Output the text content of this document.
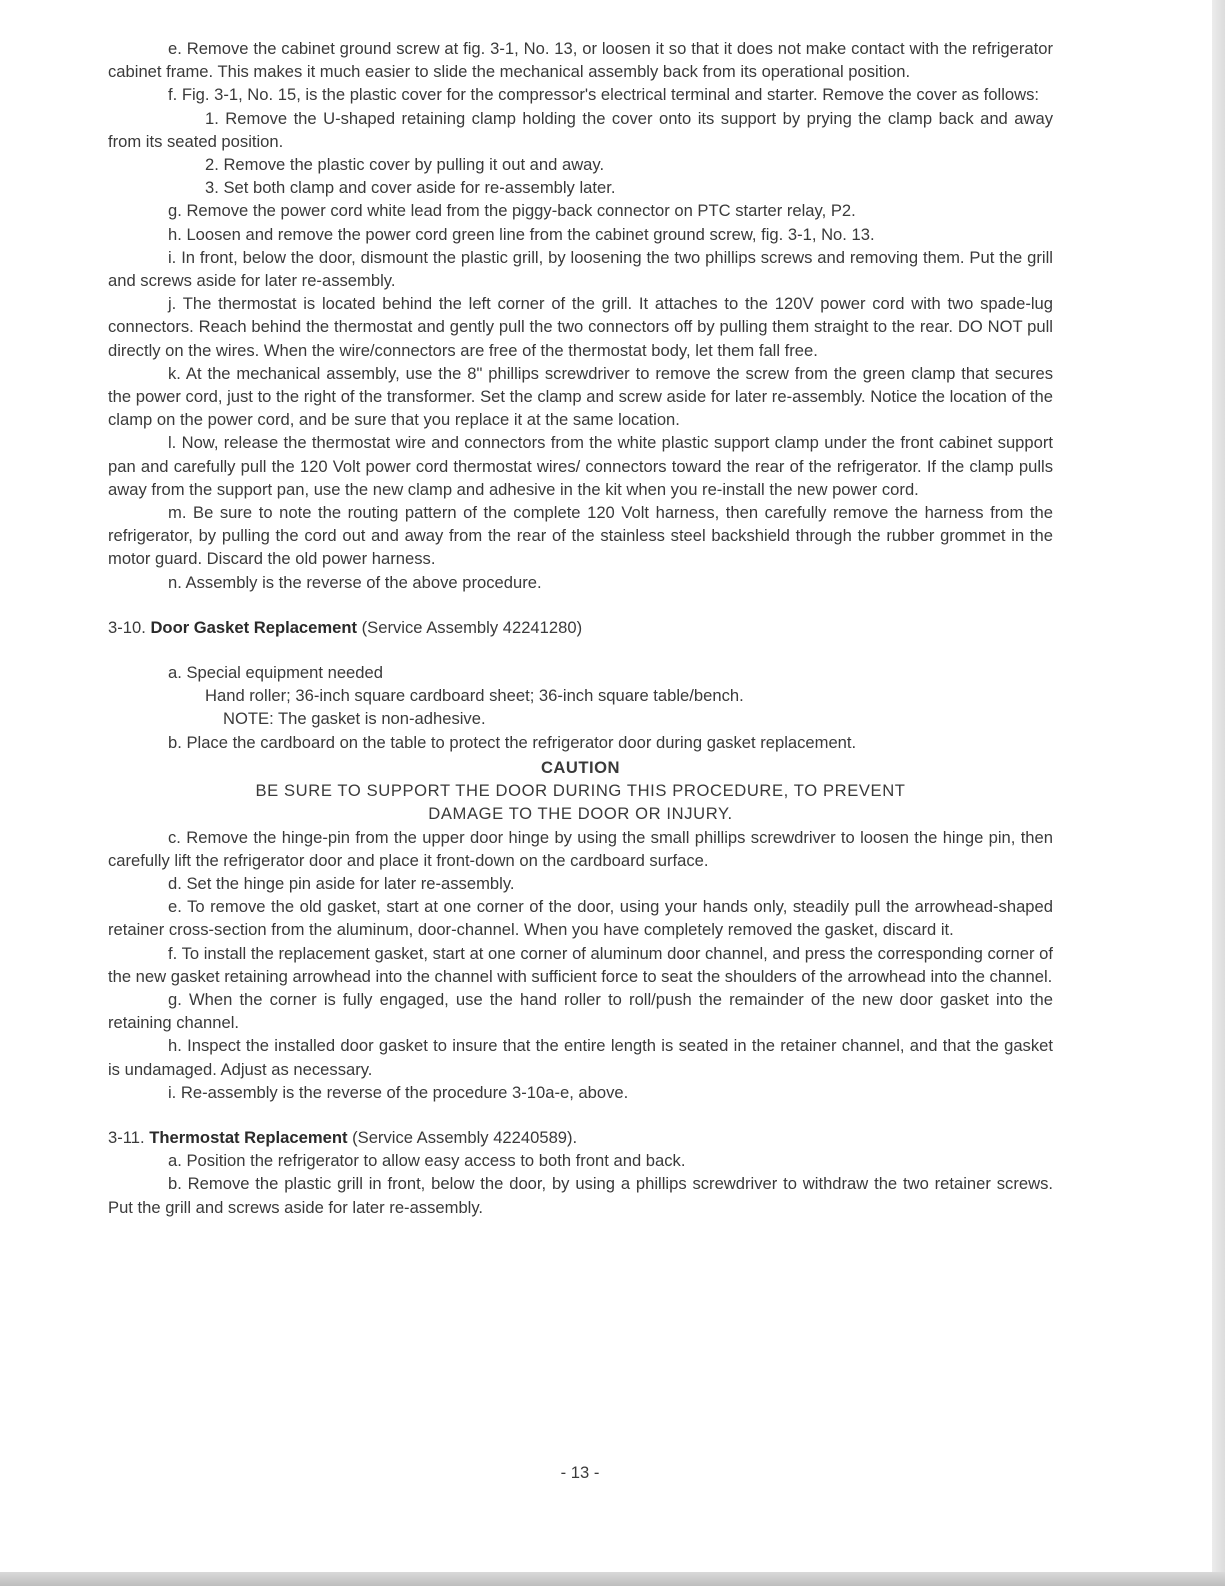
e. Remove the cabinet ground screw at fig. 3-1, No. 13, or loosen it so that it does not make contact with the refrigerator cabinet frame. This makes it much easier to slide the mechanical assembly back from its operational position.

f. Fig. 3-1, No. 15, is the plastic cover for the compressor's electrical terminal and starter. Remove the cover as follows:

1. Remove the U-shaped retaining clamp holding the cover onto its support by prying the clamp back and away from its seated position.

2. Remove the plastic cover by pulling it out and away.

3. Set both clamp and cover aside for re-assembly later.

g. Remove the power cord white lead from the piggy-back connector on PTC starter relay, P2.

h. Loosen and remove the power cord green line from the cabinet ground screw, fig. 3-1, No. 13.

i. In front, below the door, dismount the plastic grill, by loosening the two phillips screws and removing them. Put the grill and screws aside for later re-assembly.

j. The thermostat is located behind the left corner of the grill. It attaches to the 120V power cord with two spade-lug connectors. Reach behind the thermostat and gently pull the two connectors off by pulling them straight to the rear. DO NOT pull directly on the wires. When the wire/connectors are free of the thermostat body, let them fall free.

k. At the mechanical assembly, use the 8" phillips screwdriver to remove the screw from the green clamp that secures the power cord, just to the right of the transformer. Set the clamp and screw aside for later re-assembly. Notice the location of the clamp on the power cord, and be sure that you replace it at the same location.

l. Now, release the thermostat wire and connectors from the white plastic support clamp under the front cabinet support pan and carefully pull the 120 Volt power cord thermostat wires/ connectors toward the rear of the refrigerator. If the clamp pulls away from the support pan, use the new clamp and adhesive in the kit when you re-install the new power cord.

m. Be sure to note the routing pattern of the complete 120 Volt harness, then carefully remove the harness from the refrigerator, by pulling the cord out and away from the rear of the stainless steel backshield through the rubber grommet in the motor guard. Discard the old power harness.

n. Assembly is the reverse of the above procedure.

3-10. Door Gasket Replacement (Service Assembly 42241280)

a. Special equipment needed

Hand roller; 36-inch square cardboard sheet; 36-inch square table/bench.

NOTE: The gasket is non-adhesive.

b. Place the cardboard on the table to protect the refrigerator door during gasket replacement.

CAUTION

BE SURE TO SUPPORT THE DOOR DURING THIS PROCEDURE, TO PREVENT

DAMAGE TO THE DOOR OR INJURY.

c. Remove the hinge-pin from the upper door hinge by using the small phillips screwdriver to loosen the hinge pin, then carefully lift the refrigerator door and place it front-down on the cardboard surface.

d. Set the hinge pin aside for later re-assembly.

e. To remove the old gasket, start at one corner of the door, using your hands only, steadily pull the arrowhead-shaped retainer cross-section from the aluminum, door-channel. When you have completely removed the gasket, discard it.

f. To install the replacement gasket, start at one corner of aluminum door channel, and press the corresponding corner of the new gasket retaining arrowhead into the channel with sufficient force to seat the shoulders of the arrowhead into the channel.

g. When the corner is fully engaged, use the hand roller to roll/push the remainder of the new door gasket into the retaining channel.

h. Inspect the installed door gasket to insure that the entire length is seated in the retainer channel, and that the gasket is undamaged. Adjust as necessary.

i. Re-assembly is the reverse of the procedure 3-10a-e, above.

3-11. Thermostat Replacement (Service Assembly 42240589).

a. Position the refrigerator to allow easy access to both front and back.

b. Remove the plastic grill in front, below the door, by using a phillips screwdriver to withdraw the two retainer screws. Put the grill and screws aside for later re-assembly.

- 13 -
